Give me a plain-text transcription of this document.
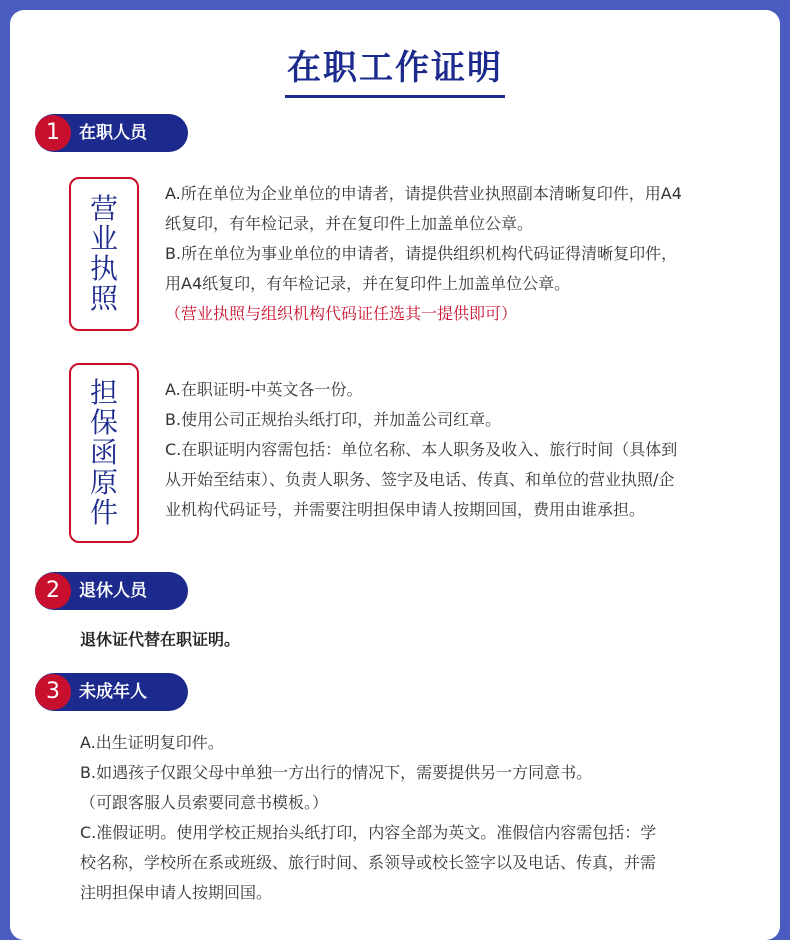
在职工作证明
1	在职人员
营
业
执
照
A.所在单位为企业单位的申请者，请提供营业执照副本清晰复印件，用A4
纸复印，有年检记录，并在复印件上加盖单位公章。
B.所在单位为事业单位的申请者，请提供组织机构代码证得清晰复印件，
用A4纸复印，有年检记录，并在复印件上加盖单位公章。
（营业执照与组织机构代码证任选其一提供即可）
担
保
函
原
件
A.在职证明-中英文各一份。
B.使用公司正规抬头纸打印，并加盖公司红章。
C.在职证明内容需包括：单位名称、本人职务及收入、旅行时间（具体到
从开始至结束）、负责人职务、签字及电话、传真、和单位的营业执照/企
业机构代码证号，并需要注明担保申请人按期回国，费用由谁承担。
2	退休人员
退休证代替在职证明。
3	未成年人
A.出生证明复印件。
B.如遇孩子仅跟父母中单独一方出行的情况下，需要提供另一方同意书。
（可跟客服人员索要同意书模板。）
C.准假证明。使用学校正规抬头纸打印，内容全部为英文。准假信内容需包括：学
校名称，学校所在系或班级、旅行时间、系领导或校长签字以及电话、传真，并需
注明担保申请人按期回国。
